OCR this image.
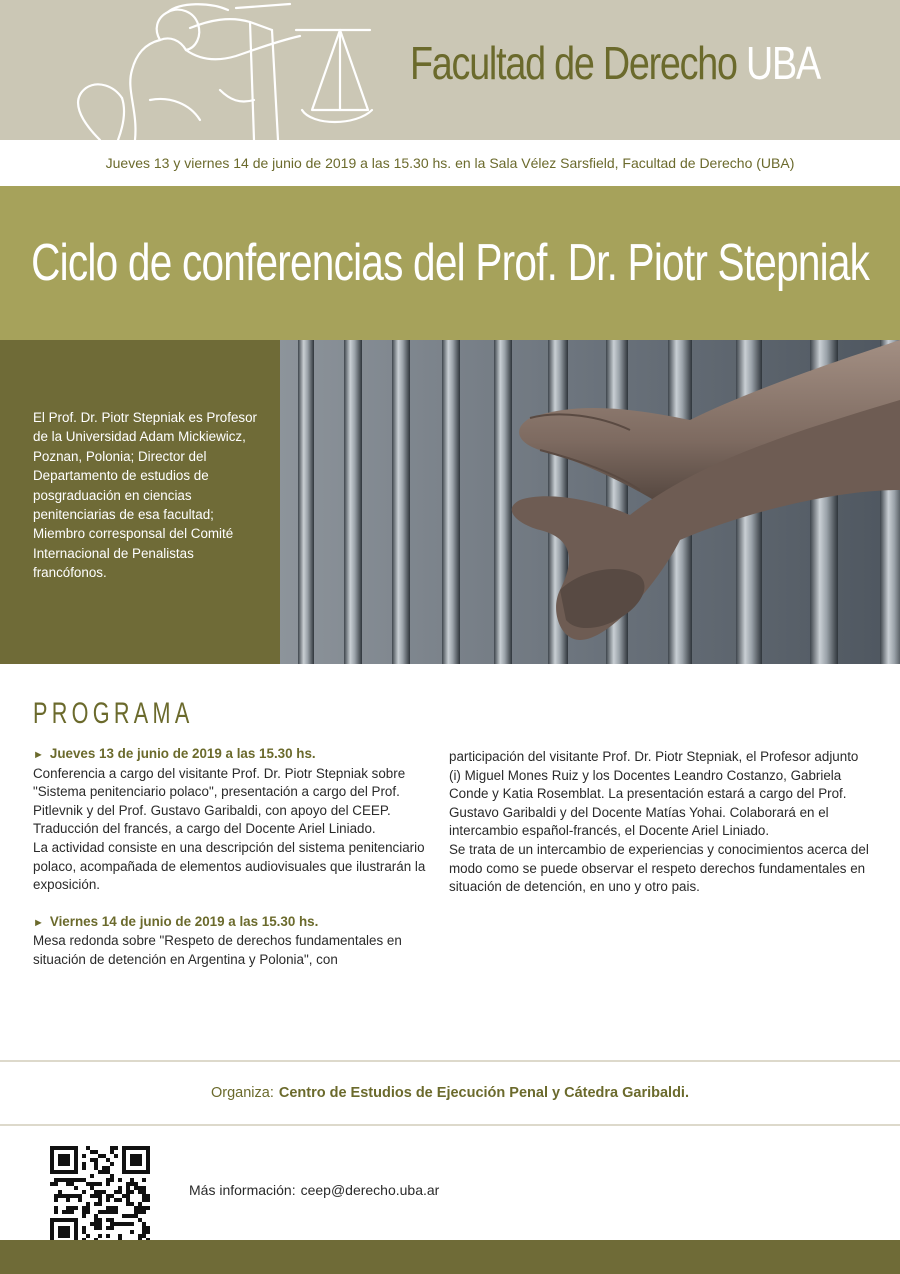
Facultad de Derecho UBA
Jueves 13 y viernes 14 de junio de 2019 a las 15.30 hs. en la Sala Vélez Sarsfield, Facultad de Derecho (UBA)
Ciclo de conferencias del Prof. Dr. Piotr Stepniak

El Prof. Dr. Piotr Stepniak es Profesor de la Universidad Adam Mickiewicz, Poznan, Polonia; Director del Departamento de estudios de posgraduación en ciencias penitenciarias de esa facultad; Miembro corresponsal del Comité Internacional de Penalistas francófonos.

PROGRAMA
► Jueves 13 de junio de 2019 a las 15.30 hs.
Conferencia a cargo del visitante Prof. Dr. Piotr Stepniak sobre "Sistema penitenciario polaco", presentación a cargo del Prof. Pitlevnik y del Prof. Gustavo Garibaldi, con apoyo del CEEP.
Traducción del francés, a cargo del Docente Ariel Liniado.
La actividad consiste en una descripción del sistema penitenciario polaco, acompañada de elementos audiovisuales que ilustrarán la exposición.
► Viernes 14 de junio de 2019 a las 15.30 hs.
Mesa redonda sobre "Respeto de derechos fundamentales en situación de detención en Argentina y Polonia", con
participación del visitante Prof. Dr. Piotr Stepniak, el Profesor adjunto (i) Miguel Mones Ruiz y los Docentes Leandro Costanzo, Gabriela Conde y Katia Rosemblat. La presentación estará a cargo del Prof. Gustavo Garibaldi y del Docente Matías Yohai. Colaborará en el intercambio español-francés, el Docente Ariel Liniado.
Se trata de un intercambio de experiencias y conocimientos acerca del modo como se puede observar el respeto derechos fundamentales en situación de detención, en uno y otro pais.
Organiza: Centro de Estudios de Ejecución Penal y Cátedra Garibaldi.
Más información: ceep@derecho.uba.ar
